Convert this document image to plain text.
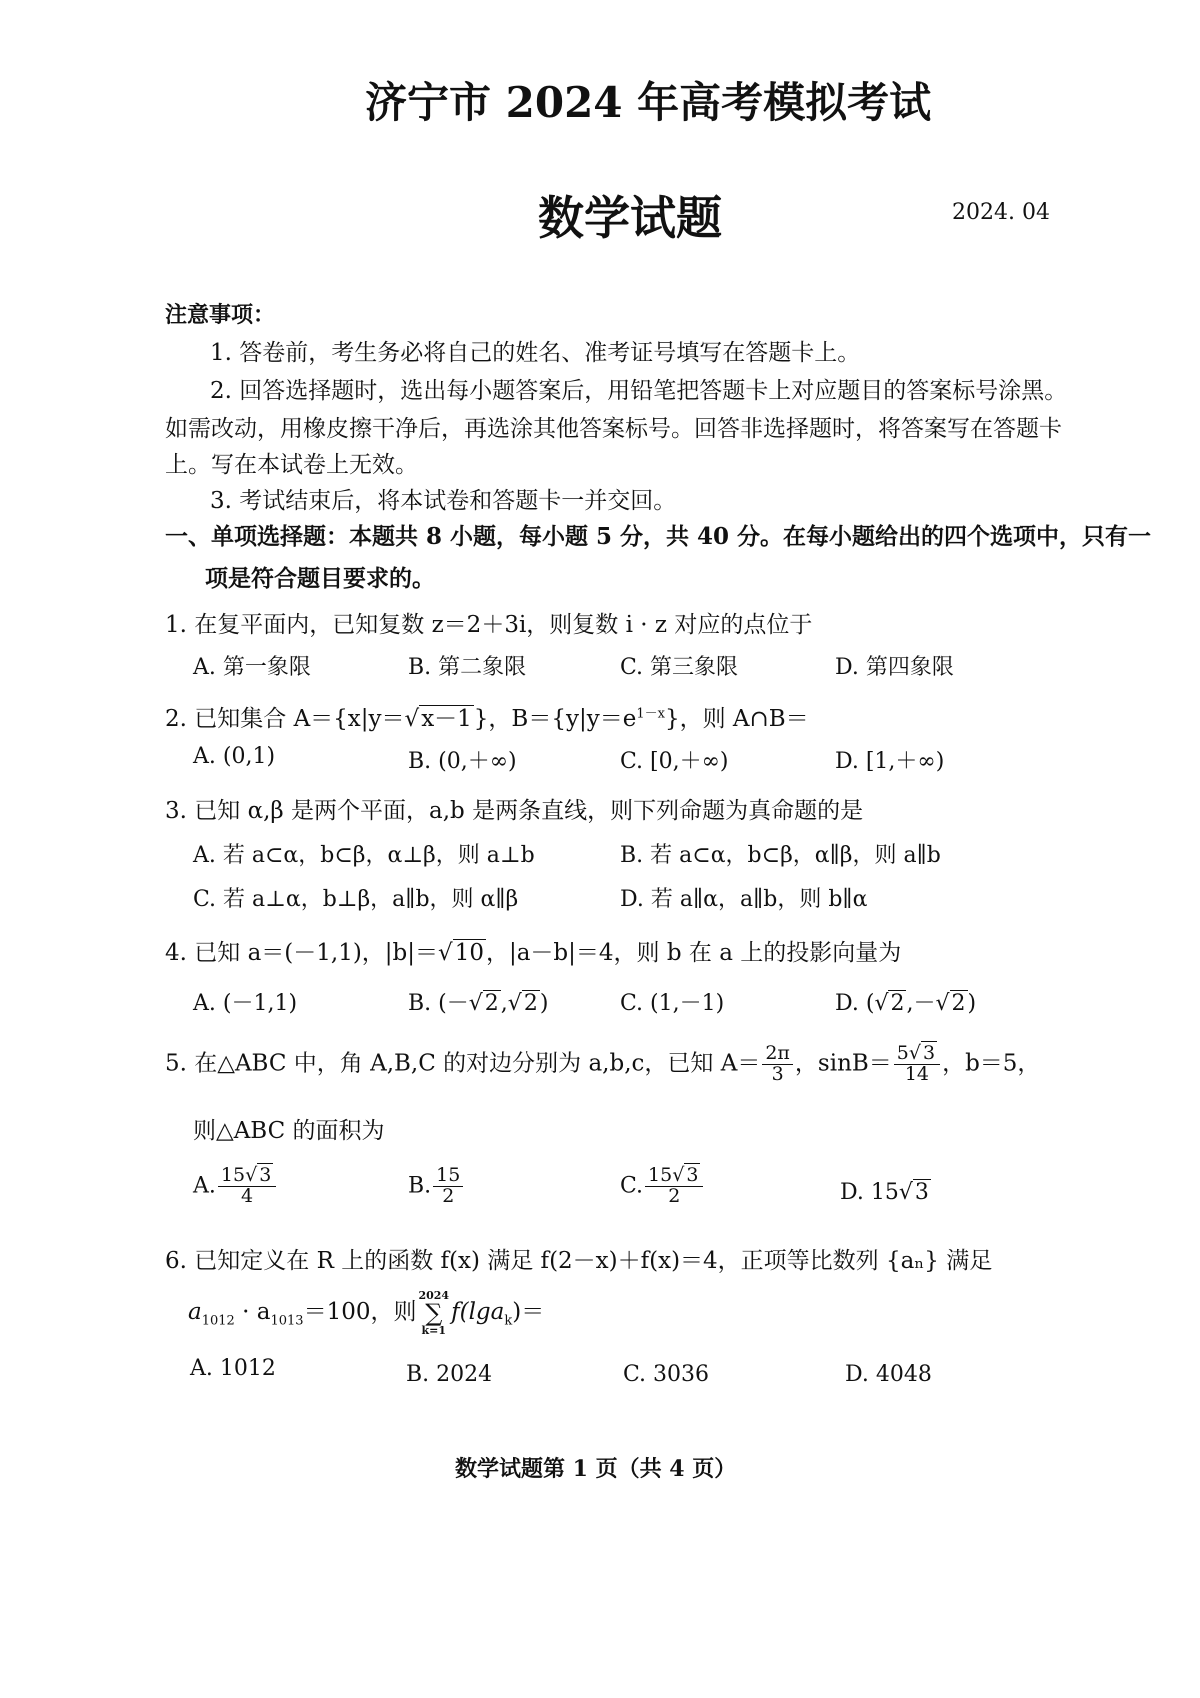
济宁市 2024 年高考模拟考试
数学试题	2024. 04
注意事项：
1. 答卷前，考生务必将自己的姓名、准考证号填写在答题卡上。
2. 回答选择题时，选出每小题答案后，用铅笔把答题卡上对应题目的答案标号涂黑。
如需改动，用橡皮擦干净后，再选涂其他答案标号。回答非选择题时，将答案写在答题卡
上。写在本试卷上无效。
3. 考试结束后，将本试卷和答题卡一并交回。
一、单项选择题：本题共 8 小题，每小题 5 分，共 40 分。在每小题给出的四个选项中，只有一
项是符合题目要求的。
1. 在复平面内，已知复数 z＝2＋3i，则复数 i · z 对应的点位于
A. 第一象限	B. 第二象限	C. 第三象限	D. 第四象限
2. 已知集合 A＝{x|y＝√x－1}，$B=\{y|y=e^{1-x}\}$，则 A∩B＝
A. (0,1)	B. (0,＋∞)	C. [0,＋∞)	D. [1,＋∞)
3. 已知 α,β 是两个平面，a,b 是两条直线，则下列命题为真命题的是
A. 若 a⊂α，b⊂β，α⊥β，则 a⊥b	B. 若 a⊂α，b⊂β，α∥β，则 a∥b
C. 若 a⊥α，b⊥β，a∥b，则 α∥β	D. 若 a∥α，a∥b，则 b∥α
4. 已知 a＝(－1,1)，|b|＝√10，|a－b|＝4，则 b 在 a 上的投影向量为
A. (－1,1)	B. (－√2,√2)	C. (1,－1)	D. (√2,－√2)
5. 在△ABC 中，角 A,B,C 的对边分别为 a,b,c，已知 $A= \frac{2\pi}{3}$ ，$\sin B= \frac{5√ 3}{14}$ ，b＝5，
则△ABC 的面积为
A. $\frac{15√ 3}{4}$	B. $\frac{15}{2}$	C. $\frac{15√ 3}{2}$	D. 15√3
6. 已知定义在 R 上的函数 f(x) 满足 f(2－x)＋f(x)＝4，正项等比数列 {aₙ} 满足
$a_{1012} \cdot a_{1013}=100$，则
2024
∑
k=1
f(lga$_k$)＝
A. 1012	B. 2024	C. 3036	D. 4048
数学试题第 1 页（共 4 页）
